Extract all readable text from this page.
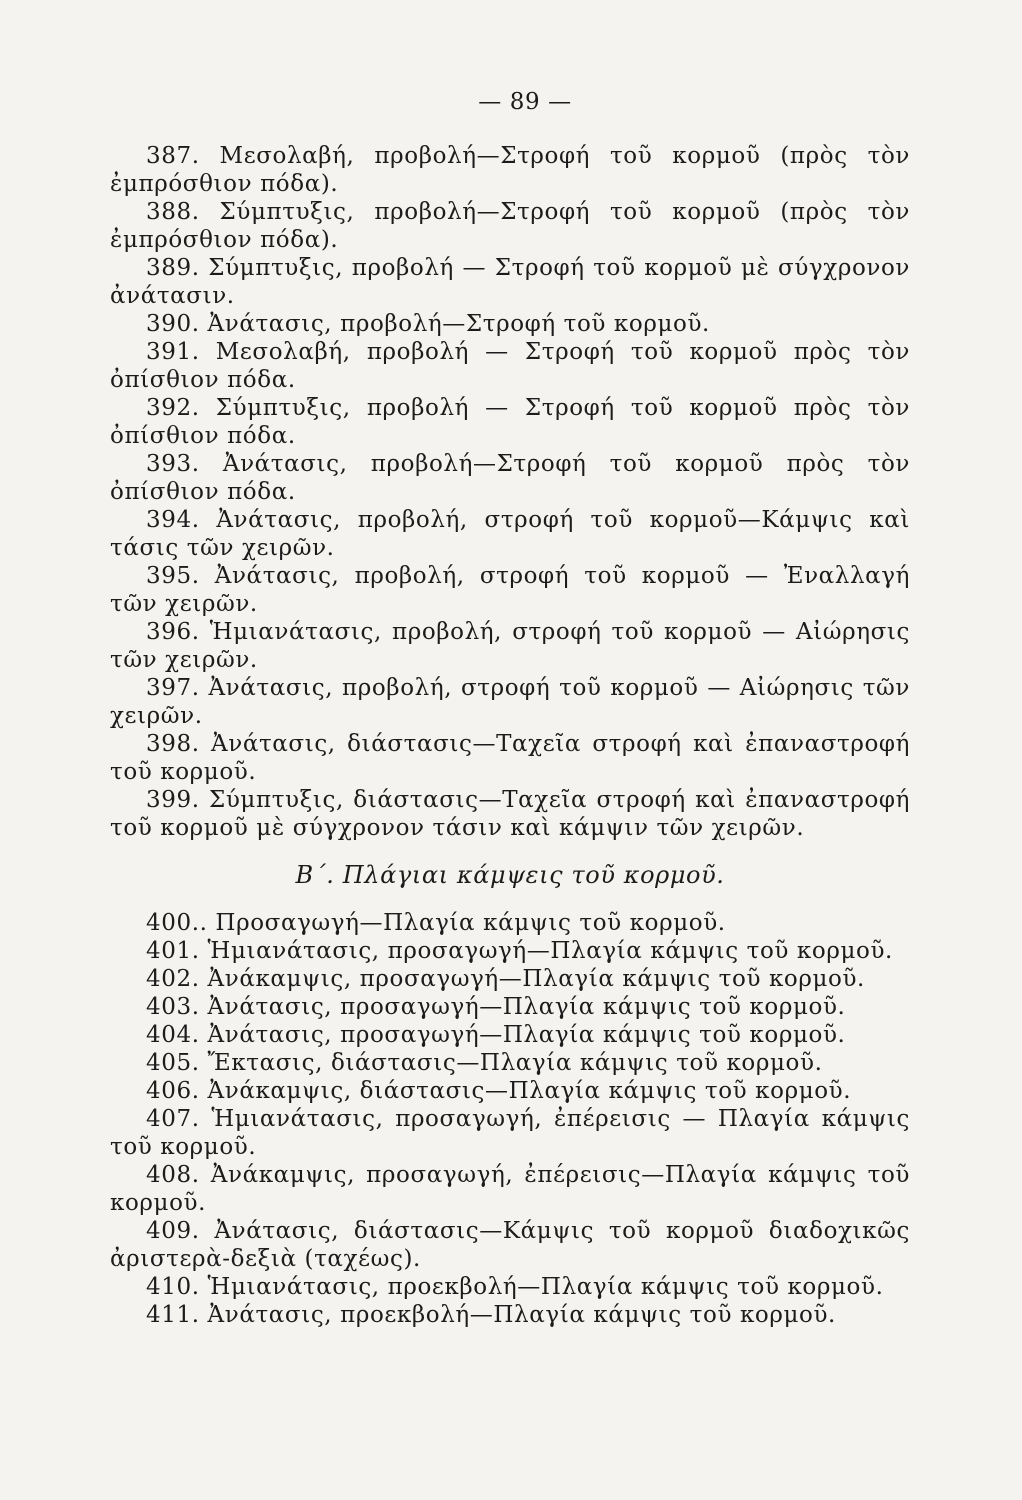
— 89 —

387. Μεσολαβή, προβολή—Στροφή τοῦ κορμοῦ (πρὸς τὸν ἐμπρόσθιον πόδα).

388. Σύμπτυξις, προβολή—Στροφή τοῦ κορμοῦ (πρὸς τὸν ἐμπρόσθιον πόδα).

389. Σύμπτυξις, προβολή — Στροφή τοῦ κορμοῦ μὲ σύγχρονον ἀνάτασιν.

390. Ἀνάτασις, προβολή—Στροφή τοῦ κορμοῦ.

391. Μεσολαβή, προβολή — Στροφή τοῦ κορμοῦ πρὸς τὸν ὀπίσθιον πόδα.

392. Σύμπτυξις, προβολή — Στροφή τοῦ κορμοῦ πρὸς τὸν ὀπίσθιον πόδα.

393. Ἀνάτασις, προβολή—Στροφή τοῦ κορμοῦ πρὸς τὸν ὀπίσθιον πόδα.

394. Ἀνάτασις, προβολή, στροφή τοῦ κορμοῦ—Κάμψις καὶ τάσις τῶν χειρῶν.

395. Ἀνάτασις, προβολή, στροφή τοῦ κορμοῦ — Ἐναλλαγή τῶν χειρῶν.

396. Ἡμιανάτασις, προβολή, στροφή τοῦ κορμοῦ — Αἰώρησις τῶν χειρῶν.

397. Ἀνάτασις, προβολή, στροφή τοῦ κορμοῦ — Αἰώρησις τῶν χειρῶν.

398. Ἀνάτασις, διάστασις—Ταχεῖα στροφή καὶ ἐπαναστροφή τοῦ κορμοῦ.

399. Σύμπτυξις, διάστασις—Ταχεῖα στροφή καὶ ἐπαναστροφή τοῦ κορμοῦ μὲ σύγχρονον τάσιν καὶ κάμψιν τῶν χειρῶν.

Β΄. Πλάγιαι κάμψεις τοῦ κορμοῦ.

400.. Προσαγωγή—Πλαγία κάμψις τοῦ κορμοῦ.

401. Ἡμιανάτασις, προσαγωγή—Πλαγία κάμψις τοῦ κορμοῦ.

402. Ἀνάκαμψις, προσαγωγή—Πλαγία κάμψις τοῦ κορμοῦ.

403. Ἀνάτασις, προσαγωγή—Πλαγία κάμψις τοῦ κορμοῦ.

404. Ἀνάτασις, προσαγωγή—Πλαγία κάμψις τοῦ κορμοῦ.

405. Ἔκτασις, διάστασις—Πλαγία κάμψις τοῦ κορμοῦ.

406. Ἀνάκαμψις, διάστασις—Πλαγία κάμψις τοῦ κορμοῦ.

407. Ἡμιανάτασις, προσαγωγή, ἐπέρεισις — Πλαγία κάμψις τοῦ κορμοῦ.

408. Ἀνάκαμψις, προσαγωγή, ἐπέρεισις—Πλαγία κάμψις τοῦ κορμοῦ.

409. Ἀνάτασις, διάστασις—Κάμψις τοῦ κορμοῦ διαδοχικῶς ἀριστερὰ-δεξιὰ (ταχέως).

410. Ἡμιανάτασις, προεκβολή—Πλαγία κάμψις τοῦ κορμοῦ.

411. Ἀνάτασις, προεκβολή—Πλαγία κάμψις τοῦ κορμοῦ.
